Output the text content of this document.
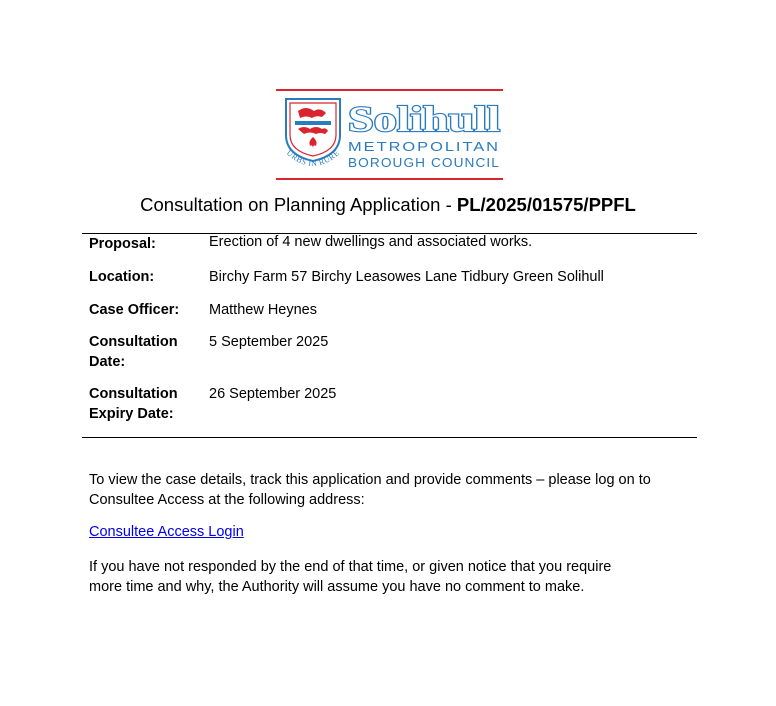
URBS IN RURE
Solihull
METROPOLITAN
BOROUGH COUNCIL
Consultation on Planning Application - PL/2025/01575/PPFL
Proposal:	Erection of 4 new dwellings and associated works.
Location:	Birchy Farm 57 Birchy Leasowes Lane Tidbury Green Solihull
Case Officer:	Matthew Heynes
Consultation Date:
5 September 2025
Consultation Expiry Date:
26 September 2025
To view the case details, track this application and provide comments – please log on to Consultee Access at the following address:
Consultee Access Login
If you have not responded by the end of that time, or given notice that you require more time and why, the Authority will assume you have no comment to make.
